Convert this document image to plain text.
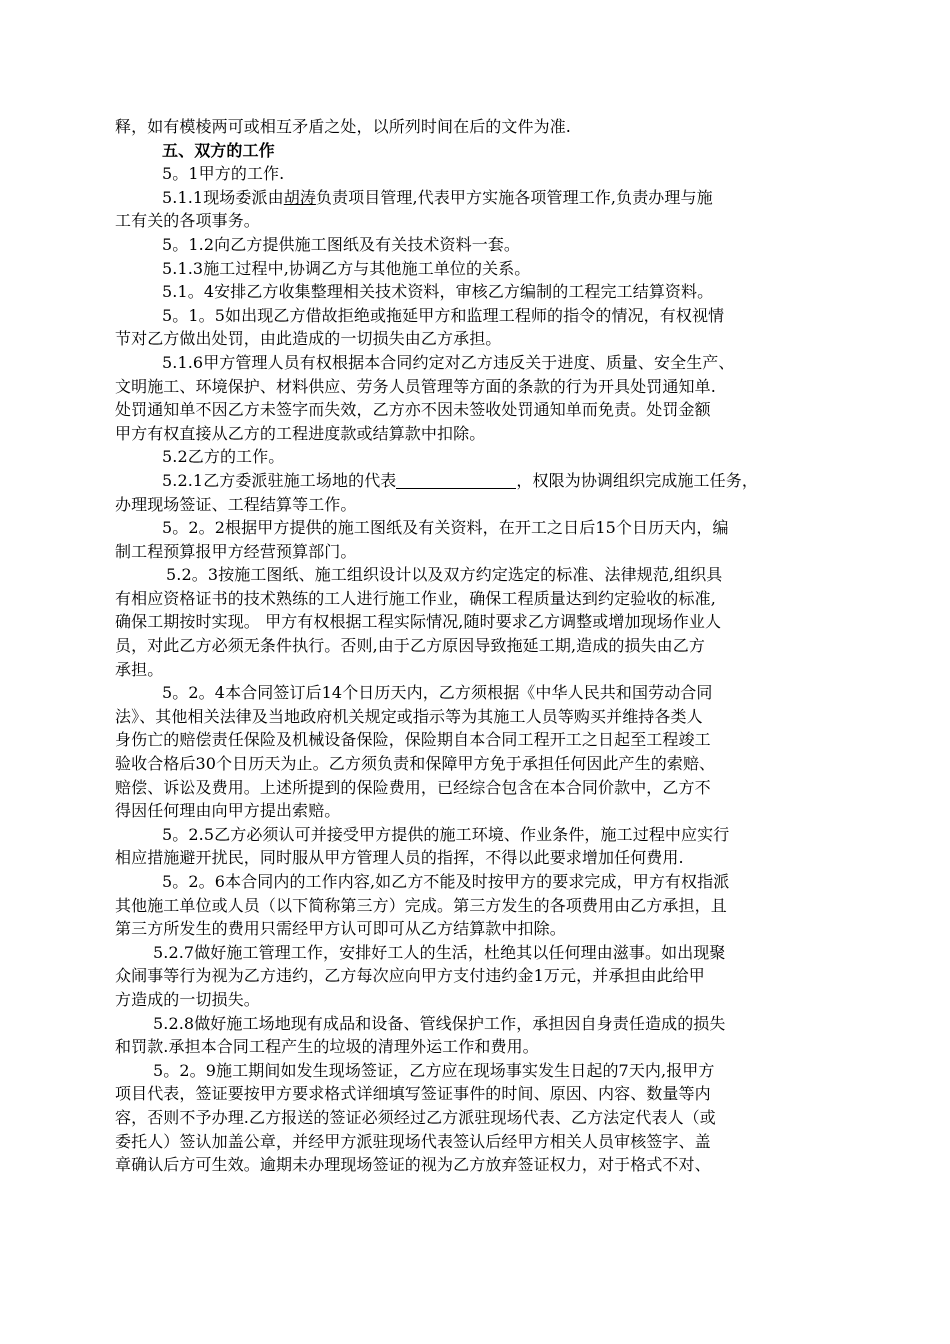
释，如有模棱两可或相互矛盾之处，以所列时间在后的文件为准.
五、双方的工作
5。1甲方的工作.
5.1.1现场委派由胡涛负责项目管理,代表甲方实施各项管理工作,负责办理与施
工有关的各项事务。
5。1.2向乙方提供施工图纸及有关技术资料一套。
5.1.3施工过程中,协调乙方与其他施工单位的关系。
5.1。4安排乙方收集整理相关技术资料，审核乙方编制的工程完工结算资料。
5。1。5如出现乙方借故拒绝或拖延甲方和监理工程师的指令的情况，有权视情
节对乙方做出处罚，由此造成的一切损失由乙方承担。
5.1.6甲方管理人员有权根据本合同约定对乙方违反关于进度、质量、安全生产、
文明施工、环境保护、材料供应、劳务人员管理等方面的条款的行为开具处罚通知单.
处罚通知单不因乙方未签字而失效，乙方亦不因未签收处罚通知单而免责。处罚金额
甲方有权直接从乙方的工程进度款或结算款中扣除。
5.2乙方的工作。
5.2.1乙方委派驻施工场地的代表	，权限为协调组织完成施工任务，
办理现场签证、工程结算等工作。
5。2。2根据甲方提供的施工图纸及有关资料，在开工之日后15个日历天内，编
制工程预算报甲方经营预算部门。
5.2。3按施工图纸、施工组织设计以及双方约定选定的标准、法律规范,组织具
有相应资格证书的技术熟练的工人进行施工作业，确保工程质量达到约定验收的标准,
确保工期按时实现。 甲方有权根据工程实际情况,随时要求乙方调整或增加现场作业人
员，对此乙方必须无条件执行。否则,由于乙方原因导致拖延工期,造成的损失由乙方
承担。
5。2。4本合同签订后14个日历天内，乙方须根据《中华人民共和国劳动合同
法》、其他相关法律及当地政府机关规定或指示等为其施工人员等购买并维持各类人
身伤亡的赔偿责任保险及机械设备保险，保险期自本合同工程开工之日起至工程竣工
验收合格后30个日历天为止。乙方须负责和保障甲方免于承担任何因此产生的索赔、
赔偿、诉讼及费用。上述所提到的保险费用，已经综合包含在本合同价款中，乙方不
得因任何理由向甲方提出索赔。
5。2.5乙方必须认可并接受甲方提供的施工环境、作业条件，施工过程中应实行
相应措施避开扰民，同时服从甲方管理人员的指挥，不得以此要求增加任何费用.
5。2。6本合同内的工作内容,如乙方不能及时按甲方的要求完成，甲方有权指派
其他施工单位或人员（以下简称第三方）完成。第三方发生的各项费用由乙方承担，且
第三方所发生的费用只需经甲方认可即可从乙方结算款中扣除。
5.2.7做好施工管理工作，安排好工人的生活，杜绝其以任何理由滋事。如出现聚
众闹事等行为视为乙方违约，乙方每次应向甲方支付违约金1万元，并承担由此给甲
方造成的一切损失。
5.2.8做好施工场地现有成品和设备、管线保护工作，承担因自身责任造成的损失
和罚款.承担本合同工程产生的垃圾的清理外运工作和费用。
5。2。9施工期间如发生现场签证，乙方应在现场事实发生日起的7天内,报甲方
项目代表，签证要按甲方要求格式详细填写签证事件的时间、原因、内容、数量等内
容，否则不予办理.乙方报送的签证必须经过乙方派驻现场代表、乙方法定代表人（或
委托人）签认加盖公章，并经甲方派驻现场代表签认后经甲方相关人员审核签字、盖
章确认后方可生效。逾期未办理现场签证的视为乙方放弃签证权力，对于格式不对、
